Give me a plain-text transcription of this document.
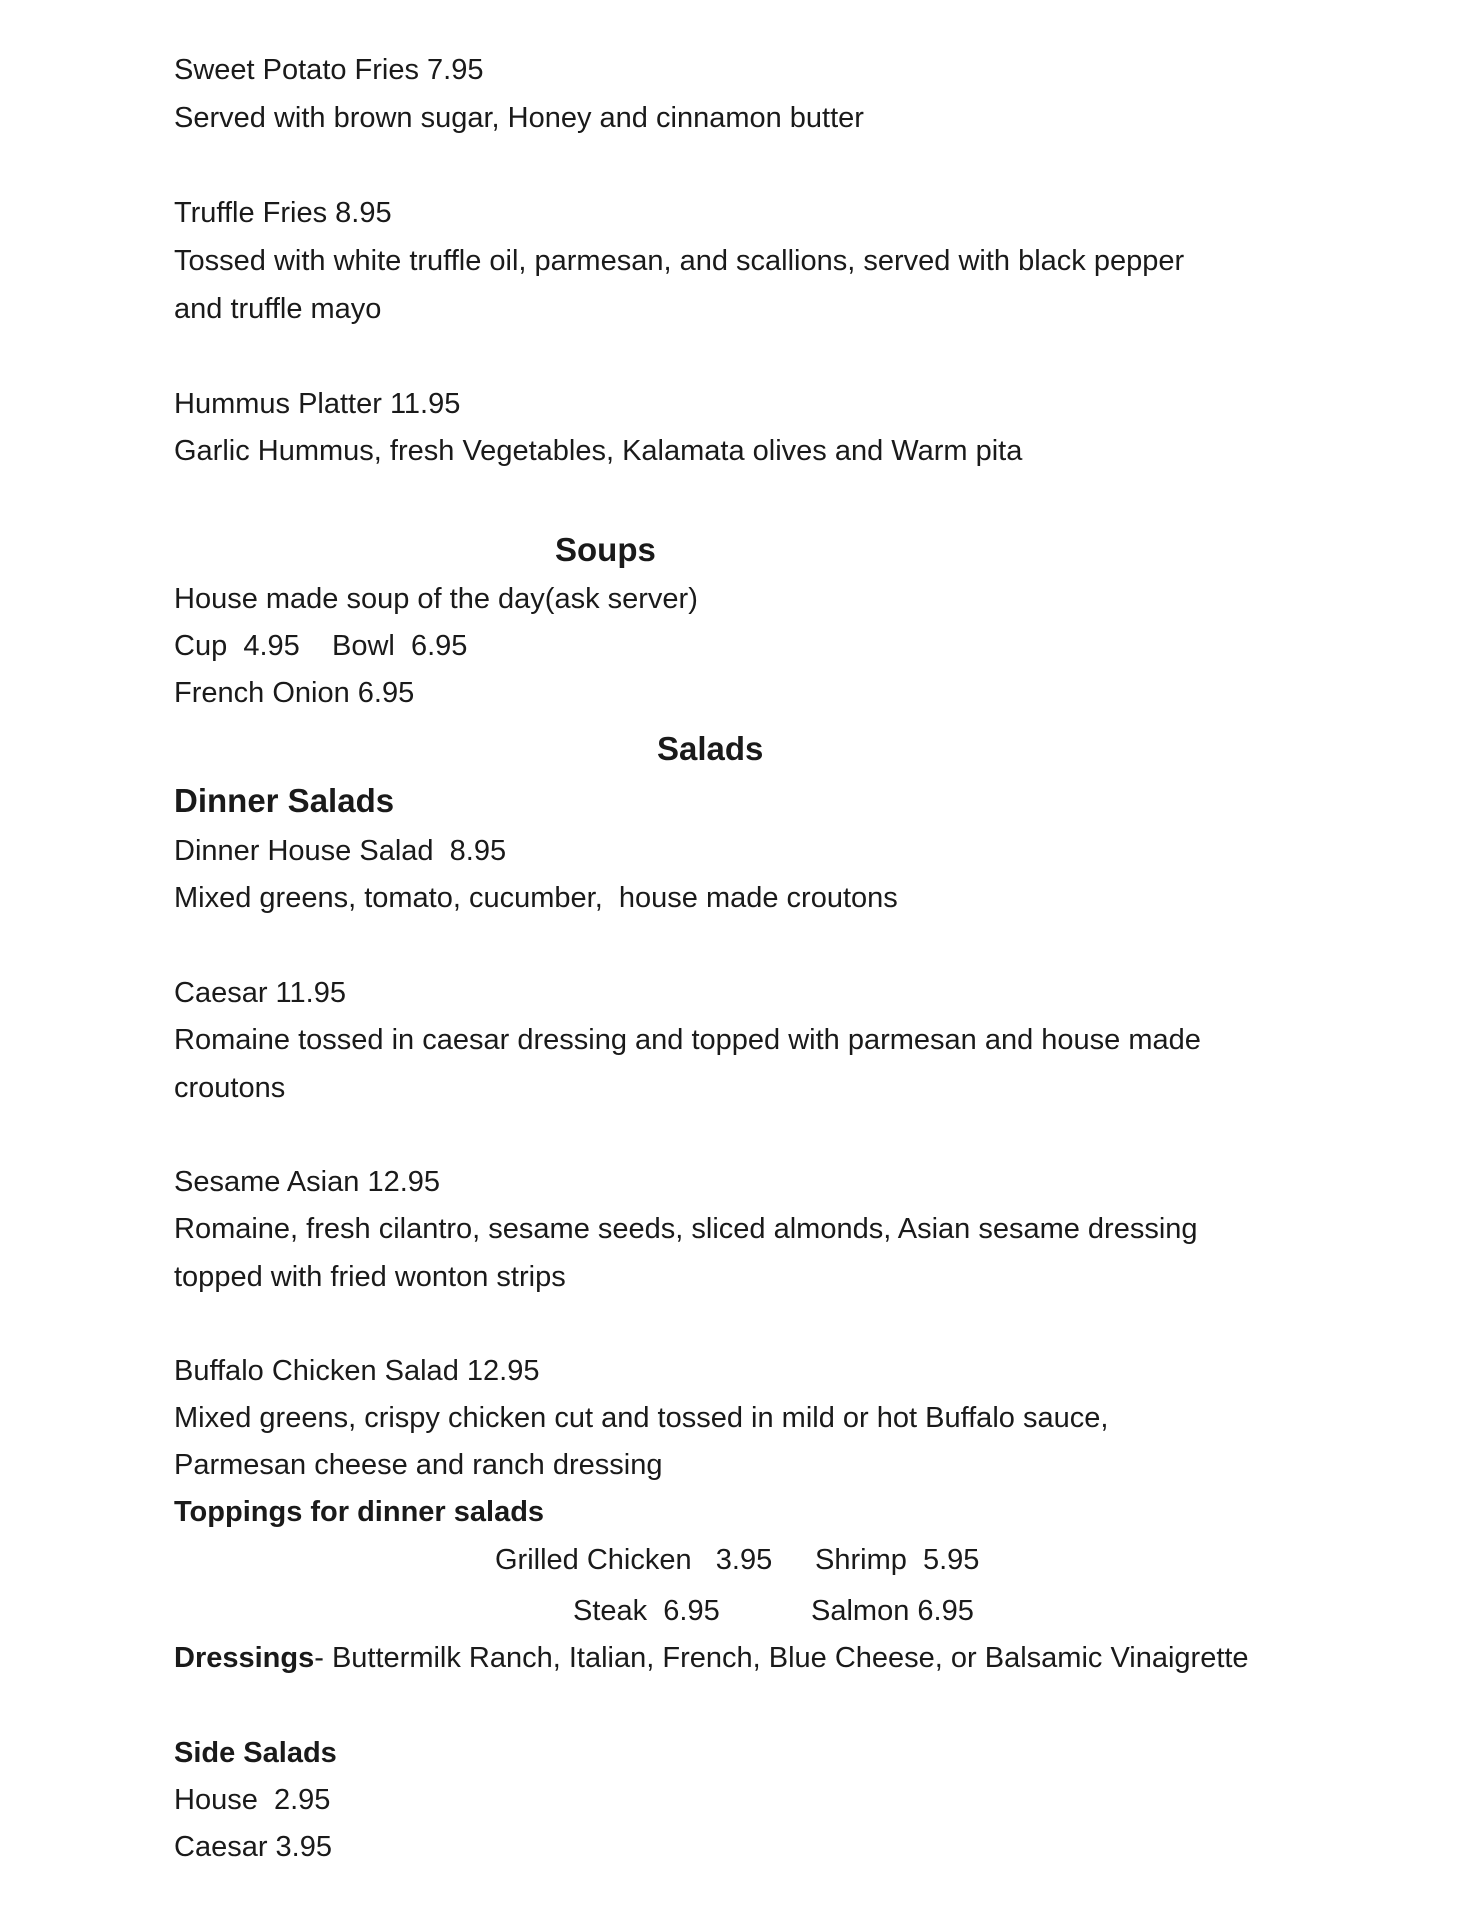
Sweet Potato Fries 7.95
Served with brown sugar, Honey and cinnamon butter
Truffle Fries 8.95
Tossed with white truffle oil, parmesan, and scallions, served with black pepper
and truffle mayo
Hummus Platter 11.95
Garlic Hummus, fresh Vegetables, Kalamata olives and Warm pita
Soups
House made soup of the day(ask server)
Cup  4.95    Bowl  6.95
French Onion 6.95
Salads
Dinner Salads
Dinner House Salad  8.95
Mixed greens, tomato, cucumber,  house made croutons
Caesar 11.95
Romaine tossed in caesar dressing and topped with parmesan and house made
croutons
Sesame Asian 12.95
Romaine, fresh cilantro, sesame seeds, sliced almonds, Asian sesame dressing
topped with fried wonton strips
Buffalo Chicken Salad 12.95
Mixed greens, crispy chicken cut and tossed in mild or hot Buffalo sauce,
Parmesan cheese and ranch dressing
Toppings for dinner salads
Grilled Chicken   3.95 Shrimp  5.95
Steak  6.95	Salmon 6.95
Dressings- Buttermilk Ranch, Italian, French, Blue Cheese, or Balsamic Vinaigrette
Side Salads
House  2.95
Caesar 3.95
